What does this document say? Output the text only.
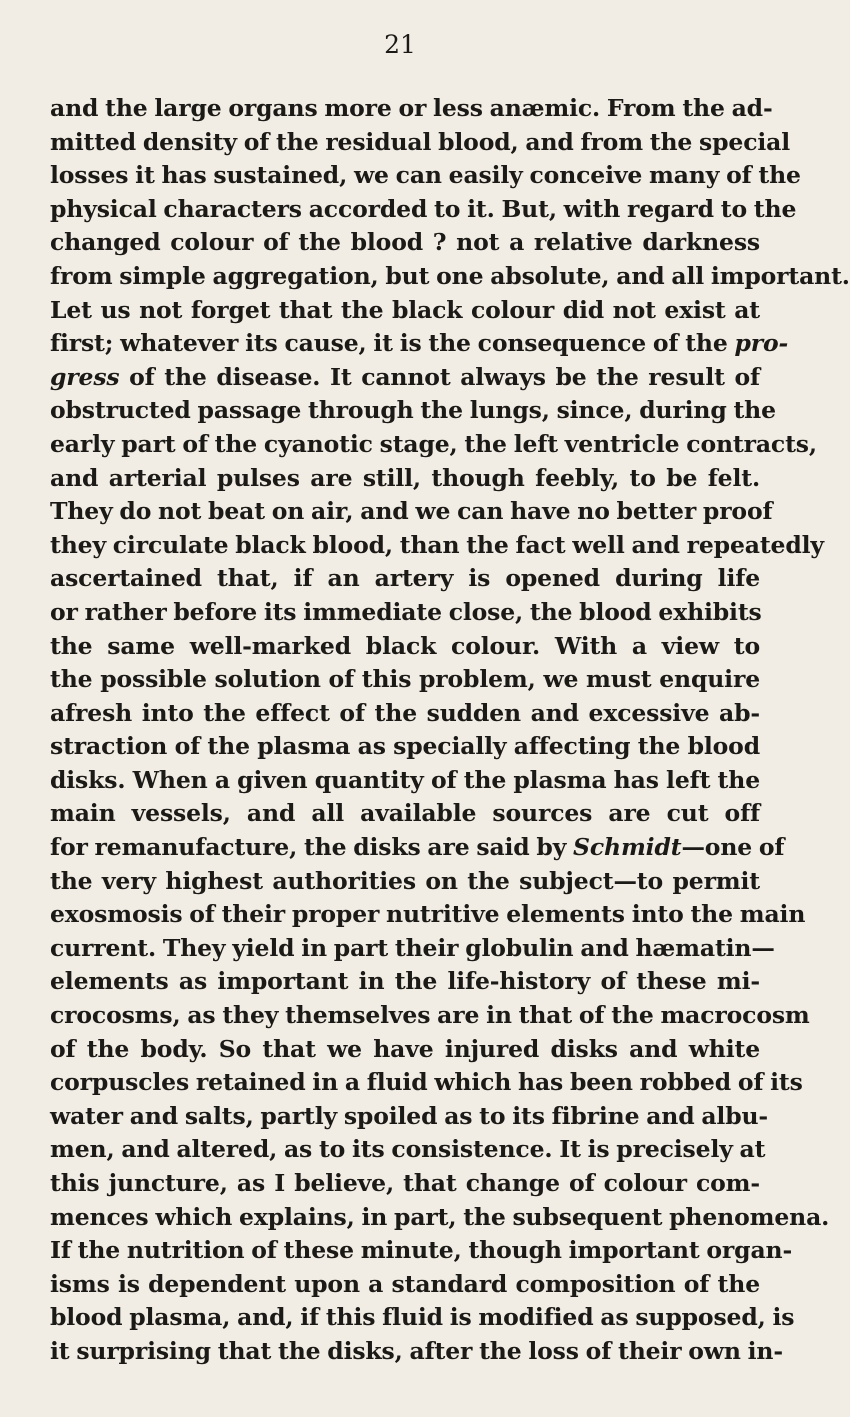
21
and the large organs more or less anæmic. From the ad-
mitted density of the residual blood, and from the special
losses it has sustained, we can easily conceive many of the
physical characters accorded to it. But, with regard to the
changed colour of the blood ? not a relative darkness
from simple aggregation, but one absolute, and all important.
Let us not forget that the black colour did not exist at
first; whatever its cause, it is the consequence of the pro-
gress of the disease. It cannot always be the result of
obstructed passage through the lungs, since, during the
early part of the cyanotic stage, the left ventricle contracts,
and arterial pulses are still, though feebly, to be felt.
They do not beat on air, and we can have no better proof
they circulate black blood, than the fact well and repeatedly
ascertained that, if an artery is opened during life
or rather before its immediate close, the blood exhibits
the same well-marked black colour. With a view to
the possible solution of this problem, we must enquire
afresh into the effect of the sudden and excessive ab-
straction of the plasma as specially affecting the blood
disks. When a given quantity of the plasma has left the
main vessels, and all available sources are cut off
for remanufacture, the disks are said by Schmidt—one of
the very highest authorities on the subject—to permit
exosmosis of their proper nutritive elements into the main
current. They yield in part their globulin and hæmatin—
elements as important in the life-history of these mi-
crocosms, as they themselves are in that of the macrocosm
of the body. So that we have injured disks and white
corpuscles retained in a fluid which has been robbed of its
water and salts, partly spoiled as to its fibrine and albu-
men, and altered, as to its consistence. It is precisely at
this juncture, as I believe, that change of colour com-
mences which explains, in part, the subsequent phenomena.
If the nutrition of these minute, though important organ-
isms is dependent upon a standard composition of the
blood plasma, and, if this fluid is modified as supposed, is
it surprising that the disks, after the loss of their own in-
